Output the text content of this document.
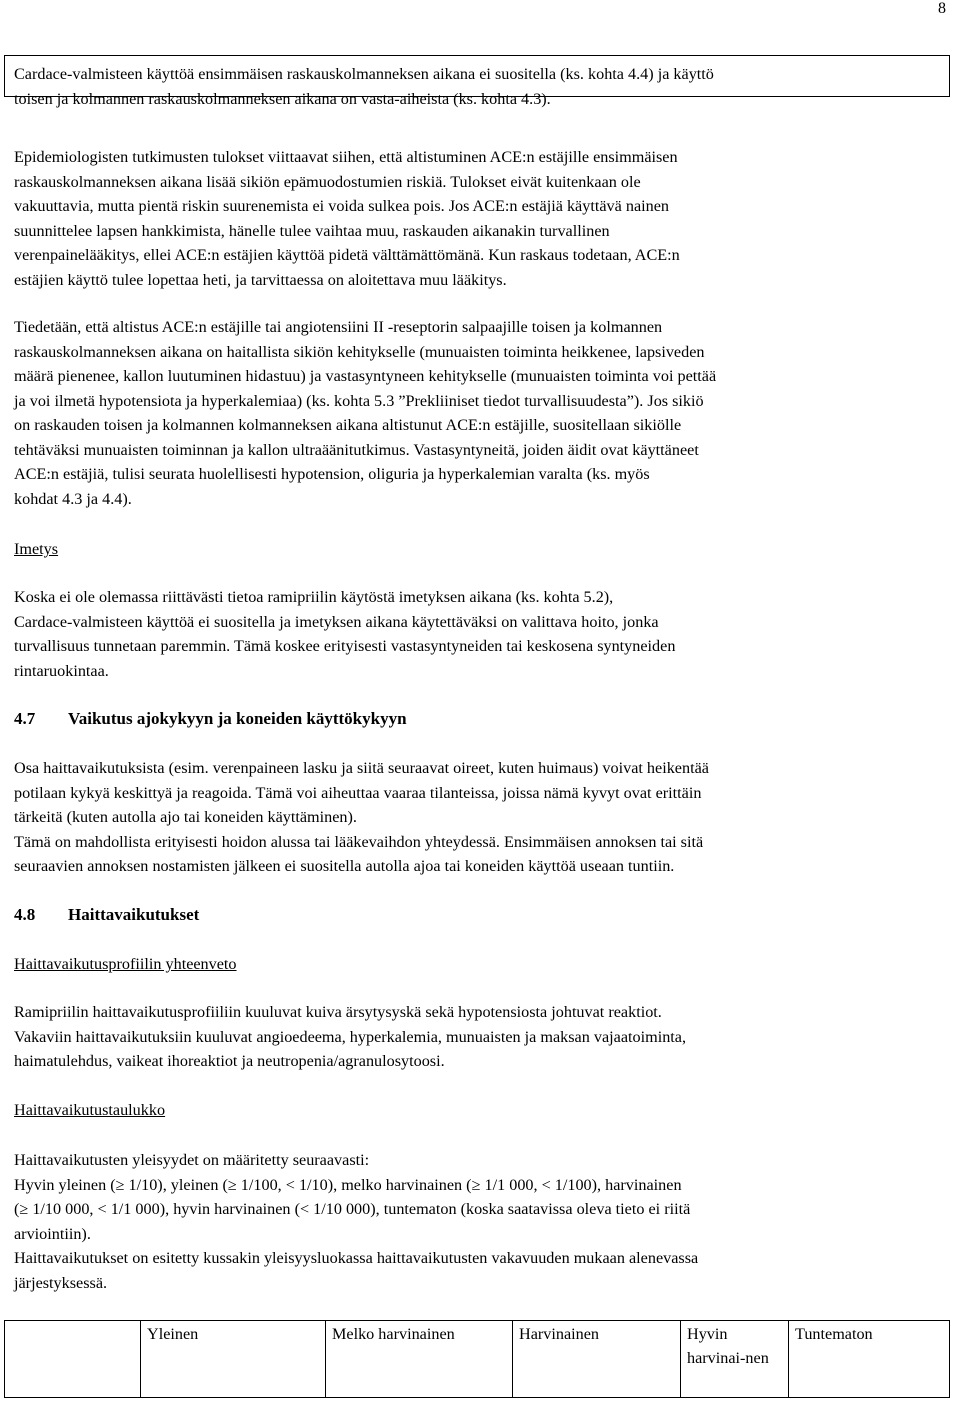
8
Cardace-valmisteen käyttöä ensimmäisen raskauskolmanneksen aikana ei suositella (ks. kohta 4.4) ja käyttö
toisen ja kolmannen raskauskolmanneksen aikana on vasta-aiheista (ks. kohta 4.3).
Epidemiologisten tutkimusten tulokset viittaavat siihen, että altistuminen ACE:n estäjille ensimmäisen
raskauskolmanneksen aikana lisää sikiön epämuodostumien riskiä. Tulokset eivät kuitenkaan ole
vakuuttavia, mutta pientä riskin suurenemista ei voida sulkea pois. Jos ACE:n estäjiä käyttävä nainen
suunnittelee lapsen hankkimista, hänelle tulee vaihtaa muu, raskauden aikanakin turvallinen
verenpainelääkitys, ellei ACE:n estäjien käyttöä pidetä välttämättömänä. Kun raskaus todetaan, ACE:n
estäjien käyttö tulee lopettaa heti, ja tarvittaessa on aloitettava muu lääkitys.
Tiedetään, että altistus ACE:n estäjille tai angiotensiini II -reseptorin salpaajille toisen ja kolmannen
raskauskolmanneksen aikana on haitallista sikiön kehitykselle (munuaisten toiminta heikkenee, lapsiveden
määrä pienenee, kallon luutuminen hidastuu) ja vastasyntyneen kehitykselle (munuaisten toiminta voi pettää
ja voi ilmetä hypotensiota ja hyperkalemiaa) (ks. kohta 5.3 ”Prekliiniset tiedot turvallisuudesta”). Jos sikiö
on raskauden toisen ja kolmannen kolmanneksen aikana altistunut ACE:n estäjille, suositellaan sikiölle
tehtäväksi munuaisten toiminnan ja kallon ultraäänitutkimus. Vastasyntyneitä, joiden äidit ovat käyttäneet
ACE:n estäjiä, tulisi seurata huolellisesti hypotension, oliguria ja hyperkalemian varalta (ks. myös
kohdat 4.3 ja 4.4).
Imetys
Koska ei ole olemassa riittävästi tietoa ramipriilin käytöstä imetyksen aikana (ks. kohta 5.2),
Cardace-valmisteen käyttöä ei suositella ja imetyksen aikana käytettäväksi on valittava hoito, jonka
turvallisuus tunnetaan paremmin. Tämä koskee erityisesti vastasyntyneiden tai keskosena syntyneiden
rintaruokintaa.
4.7 Vaikutus ajokykyyn ja koneiden käyttökykyyn
Osa haittavaikutuksista (esim. verenpaineen lasku ja siitä seuraavat oireet, kuten huimaus) voivat heikentää
potilaan kykyä keskittyä ja reagoida. Tämä voi aiheuttaa vaaraa tilanteissa, joissa nämä kyvyt ovat erittäin
tärkeitä (kuten autolla ajo tai koneiden käyttäminen).
Tämä on mahdollista erityisesti hoidon alussa tai lääkevaihdon yhteydessä. Ensimmäisen annoksen tai sitä
seuraavien annoksen nostamisten jälkeen ei suositella autolla ajoa tai koneiden käyttöä useaan tuntiin.
4.8 Haittavaikutukset
Haittavaikutusprofiilin yhteenveto
Ramipriilin haittavaikutusprofiiliin kuuluvat kuiva ärsytysyskä sekä hypotensiosta johtuvat reaktiot.
Vakaviin haittavaikutuksiin kuuluvat angioedeema, hyperkalemia, munuaisten ja maksan vajaatoiminta,
haimatulehdus, vaikeat ihoreaktiot ja neutropenia/agranulosytoosi.
Haittavaikutustaulukko
Haittavaikutusten yleisyydet on määritetty seuraavasti:
Hyvin yleinen (≥ 1/10), yleinen (≥ 1/100, < 1/10), melko harvinainen (≥ 1/1 000, < 1/100), harvinainen
(≥ 1/10 000, < 1/1 000), hyvin harvinainen (< 1/10 000), tuntematon (koska saatavissa oleva tieto ei riitä
arviointiin).
Haittavaikutukset on esitetty kussakin yleisyysluokassa haittavaikutusten vakavuuden mukaan alenevassa
järjestyksessä.
	Yleinen	Melko harvinainen	Harvinainen	Hyvin harvinai-nen	Tuntematon
